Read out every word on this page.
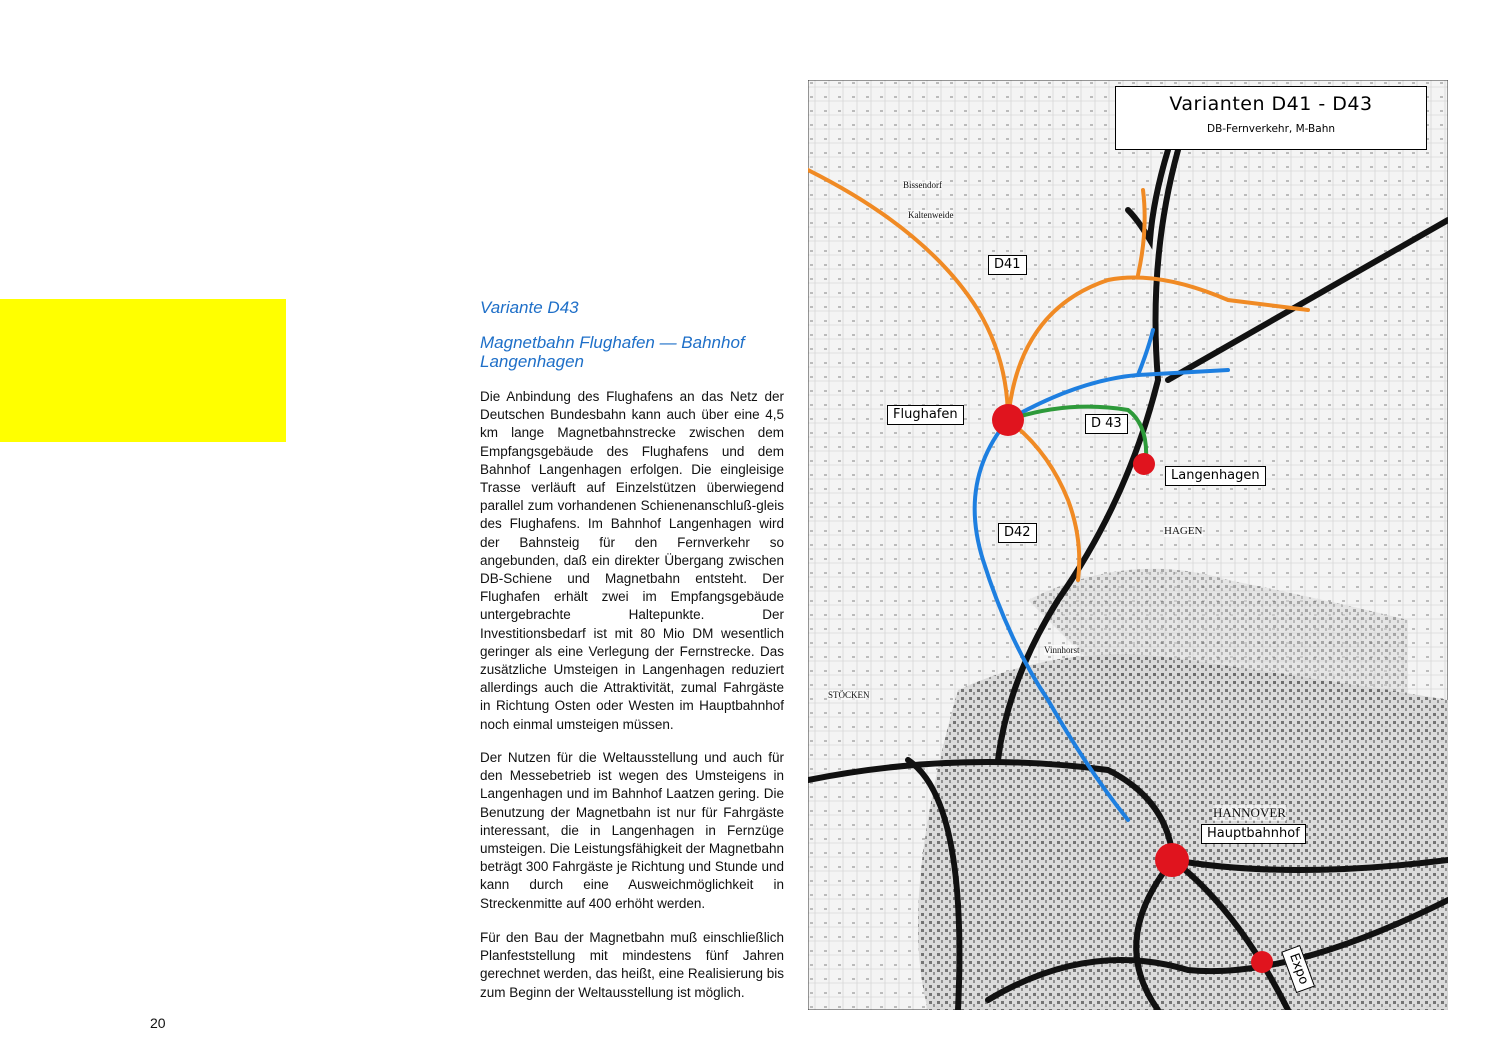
Variante D43
Magnetbahn Flughafen — Bahnhof Langenhagen

Die Anbindung des Flughafens an das Netz der Deutschen Bundesbahn kann auch über eine 4,5 km lange Magnetbahnstrecke zwischen dem Empfangsgebäude des Flughafens und dem Bahnhof Langenhagen erfolgen. Die eingleisige Trasse verläuft auf Einzelstützen überwiegend parallel zum vorhandenen Schienenanschluß-gleis des Flughafens. Im Bahnhof Langenhagen wird der Bahnsteig für den Fernverkehr so angebunden, daß ein direkter Übergang zwischen DB-Schiene und Magnetbahn entsteht. Der Flughafen erhält zwei im Empfangsgebäude untergebrachte Haltepunkte. Der Investitionsbedarf ist mit 80 Mio DM wesentlich geringer als eine Verlegung der Fernstrecke. Das zusätzliche Umsteigen in Langenhagen reduziert allerdings auch die Attraktivität, zumal Fahrgäste in Richtung Osten oder Westen im Hauptbahnhof noch einmal umsteigen müssen.

Der Nutzen für die Weltausstellung und auch für den Messebetrieb ist wegen des Umsteigens in Langenhagen und im Bahnhof Laatzen gering. Die Benutzung der Magnetbahn ist nur für Fahrgäste interessant, die in Langenhagen in Fernzüge umsteigen. Die Leistungsfähigkeit der Magnetbahn beträgt 300 Fahrgäste je Richtung und Stunde und kann durch eine Ausweichmöglichkeit in Streckenmitte auf 400 erhöht werden.

Für den Bau der Magnetbahn muß einschließlich Planfeststellung mit mindestens fünf Jahren gerechnet werden, das heißt, eine Realisierung bis zum Beginn der Weltausstellung ist möglich.

20
HANNOVER
HAGEN
Vinnhorst
STÖCKEN
Kaltenweide
Bissendorf
Varianten D41 - D43
DB-Fernverkehr, M-Bahn
D41
Flughafen
D 43
Langenhagen
D42
Hauptbahnhof
Expo
